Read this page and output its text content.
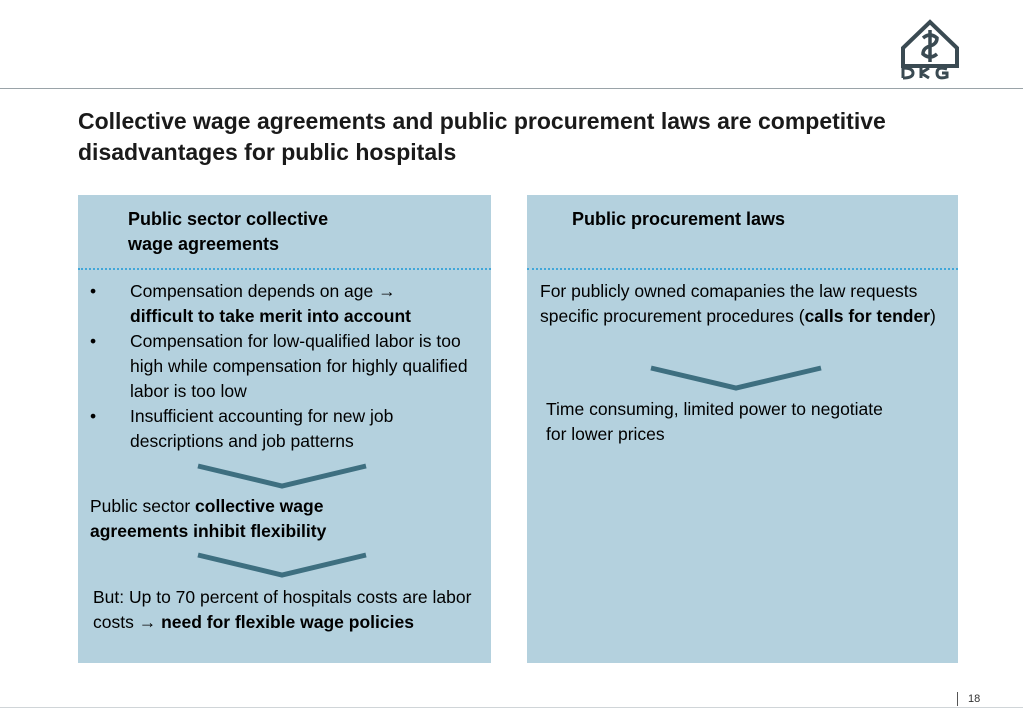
Collective wage agreements and public procurement laws are competitive disadvantages for public hospitals
Public sector collective
wage agreements
•	Compensation depends on age →
difficult to take merit into account
•	Compensation for low-qualified labor is too high while compensation for highly qualified labor is too low
•	Insufficient accounting for new job descriptions and job patterns
Public sector collective wage agreements inhibit flexibility
But: Up to 70 percent of hospitals costs are labor costs → need for flexible wage policies
Public procurement laws
For publicly owned comapanies the law requests specific procurement procedures (calls for tender)
Time consuming, limited power to negotiate for lower prices
18
